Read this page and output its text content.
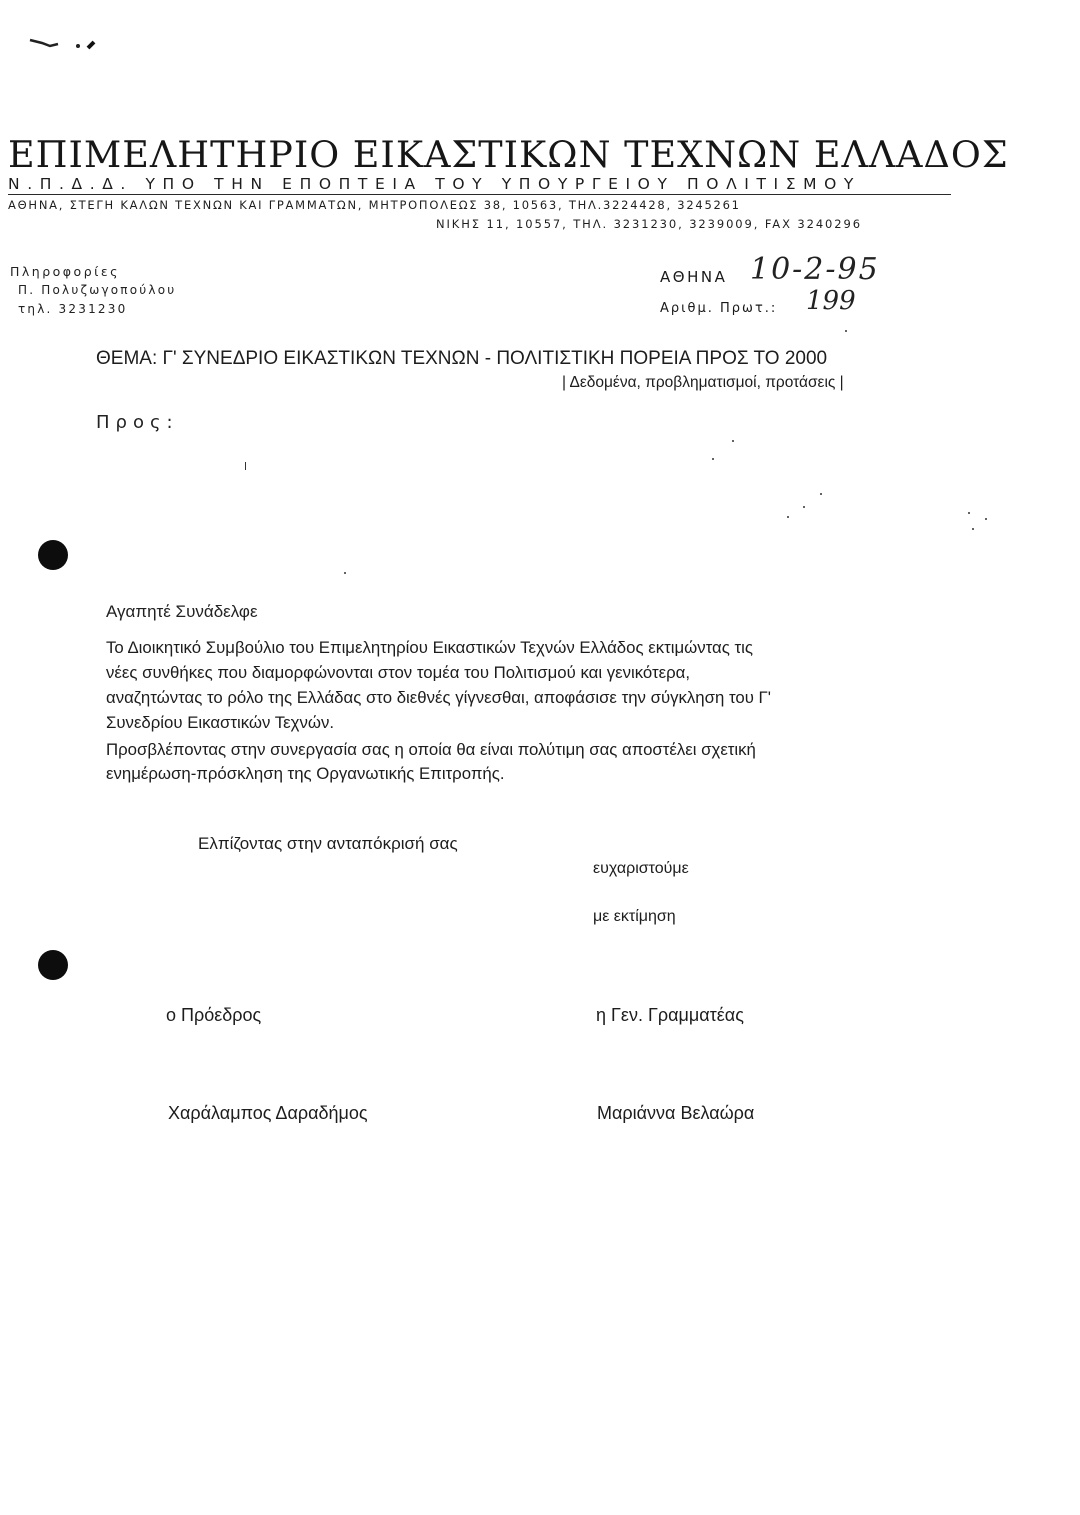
ΕΠΙΜΕΛΗΤΗΡΙΟ ΕΙΚΑΣΤΙΚΩΝ ΤΕΧΝΩΝ ΕΛΛΑΔΟΣ
Ν.Π.Δ.Δ. ΥΠΟ ΤΗΝ ΕΠΟΠΤΕΙΑ ΤΟΥ ΥΠΟΥΡΓΕΙΟΥ ΠΟΛΙΤΙΣΜΟΥ
ΑΘΗΝΑ, ΣΤΕΓΗ ΚΑΛΩΝ ΤΕΧΝΩΝ ΚΑΙ ΓΡΑΜΜΑΤΩΝ, ΜΗΤΡΟΠΟΛΕΩΣ 38, 10563, ΤΗΛ.3224428, 3245261
ΝΙΚΗΣ 11, 10557, ΤΗΛ. 3231230, 3239009, FAX 3240296
Πληροφορίες
Π. Πολυζωγοπούλου
τηλ. 3231230
ΑΘΗΝΑ 10-2-95
Αριθμ. Πρωτ.: 199
ΘΕΜΑ: Γ' ΣΥΝΕΔΡΙΟ ΕΙΚΑΣΤΙΚΩΝ ΤΕΧΝΩΝ - ΠΟΛΙΤΙΣΤΙΚΗ ΠΟΡΕΙΑ ΠΡΟΣ ΤΟ 2000
| Δεδομένα, προβληματισμοί, προτάσεις |
Προς:
Αγαπητέ Συνάδελφε
Το Διοικητικό Συμβούλιο του Επιμελητηρίου Εικαστικών Τεχνών Ελλάδος εκτιμώντας τις
νέες συνθήκες που διαμορφώνονται στον τομέα του Πολιτισμού και γενικότερα,
αναζητώντας το ρόλο της Ελλάδας στο διεθνές γίγνεσθαι, αποφάσισε την σύγκληση του Γ'
Συνεδρίου Εικαστικών Τεχνών.
Προσβλέποντας στην συνεργασία σας η οποία θα είναι πολύτιμη σας αποστέλει σχετική
ενημέρωση-πρόσκληση της Οργανωτικής Επιτροπής.
Ελπίζοντας στην ανταπόκρισή σας
ευχαριστούμε
με εκτίμηση
ο Πρόεδρος	η Γεν. Γραμματέας
Χαράλαμπος Δαραδήμος	Μαριάννα Βελαώρα
